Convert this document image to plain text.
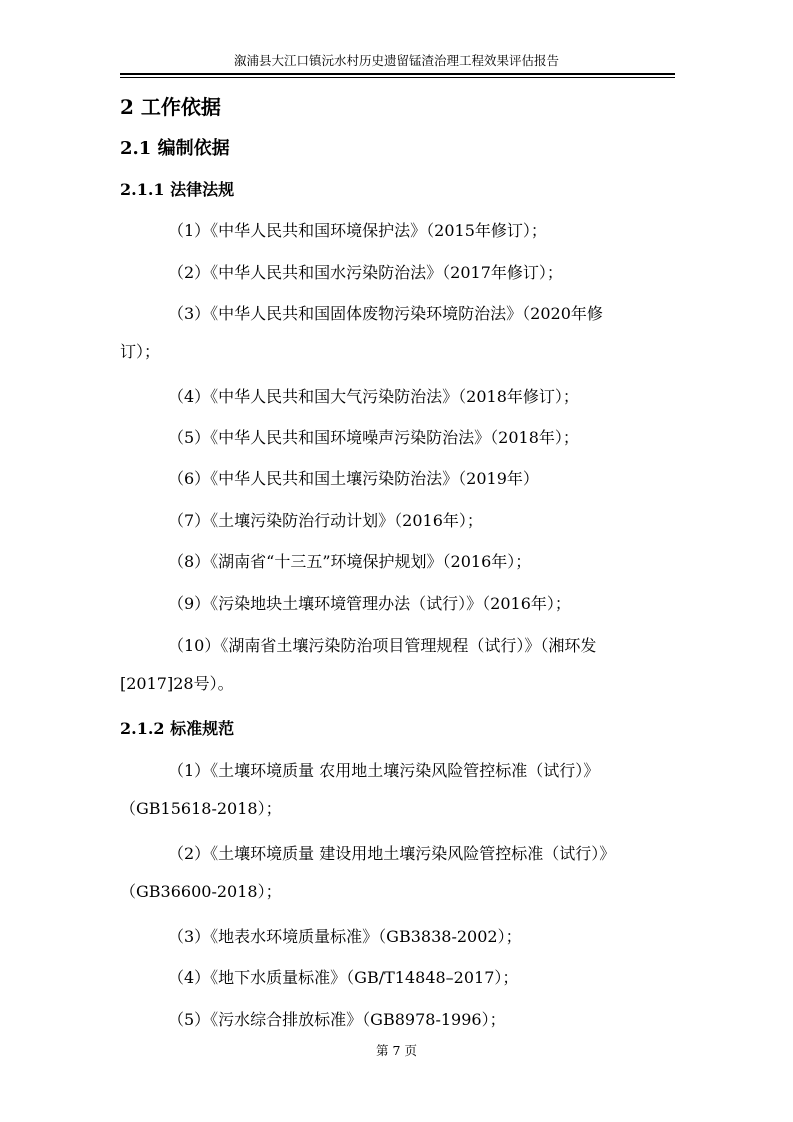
溆浦县大江口镇沅水村历史遗留锰渣治理工程效果评估报告
2 工作依据
2.1 编制依据
2.1.1 法律法规
（1）《中华人民共和国环境保护法》（2015年修订）；
（2）《中华人民共和国水污染防治法》（2017年修订）；
（3）《中华人民共和国固体废物污染环境防治法》（2020年修
订）；
（4）《中华人民共和国大气污染防治法》（2018年修订）；
（5）《中华人民共和国环境噪声污染防治法》（2018年）；
（6）《中华人民共和国土壤污染防治法》（2019年）
（7）《土壤污染防治行动计划》（2016年）；
（8）《湖南省“十三五”环境保护规划》（2016年）；
（9）《污染地块土壤环境管理办法（试行）》（2016年）；
（10）《湖南省土壤污染防治项目管理规程（试行）》（湘环发
[2017]28号）。
2.1.2 标准规范
（1）《土壤环境质量 农用地土壤污染风险管控标准（试行）》
（GB15618-2018）；
（2）《土壤环境质量 建设用地土壤污染风险管控标准（试行）》
（GB36600-2018）；
（3）《地表水环境质量标准》（GB3838-2002）；
（4）《地下水质量标准》（GB/T14848–2017）；
（5）《污水综合排放标准》（GB8978-1996）；
第 7 页
